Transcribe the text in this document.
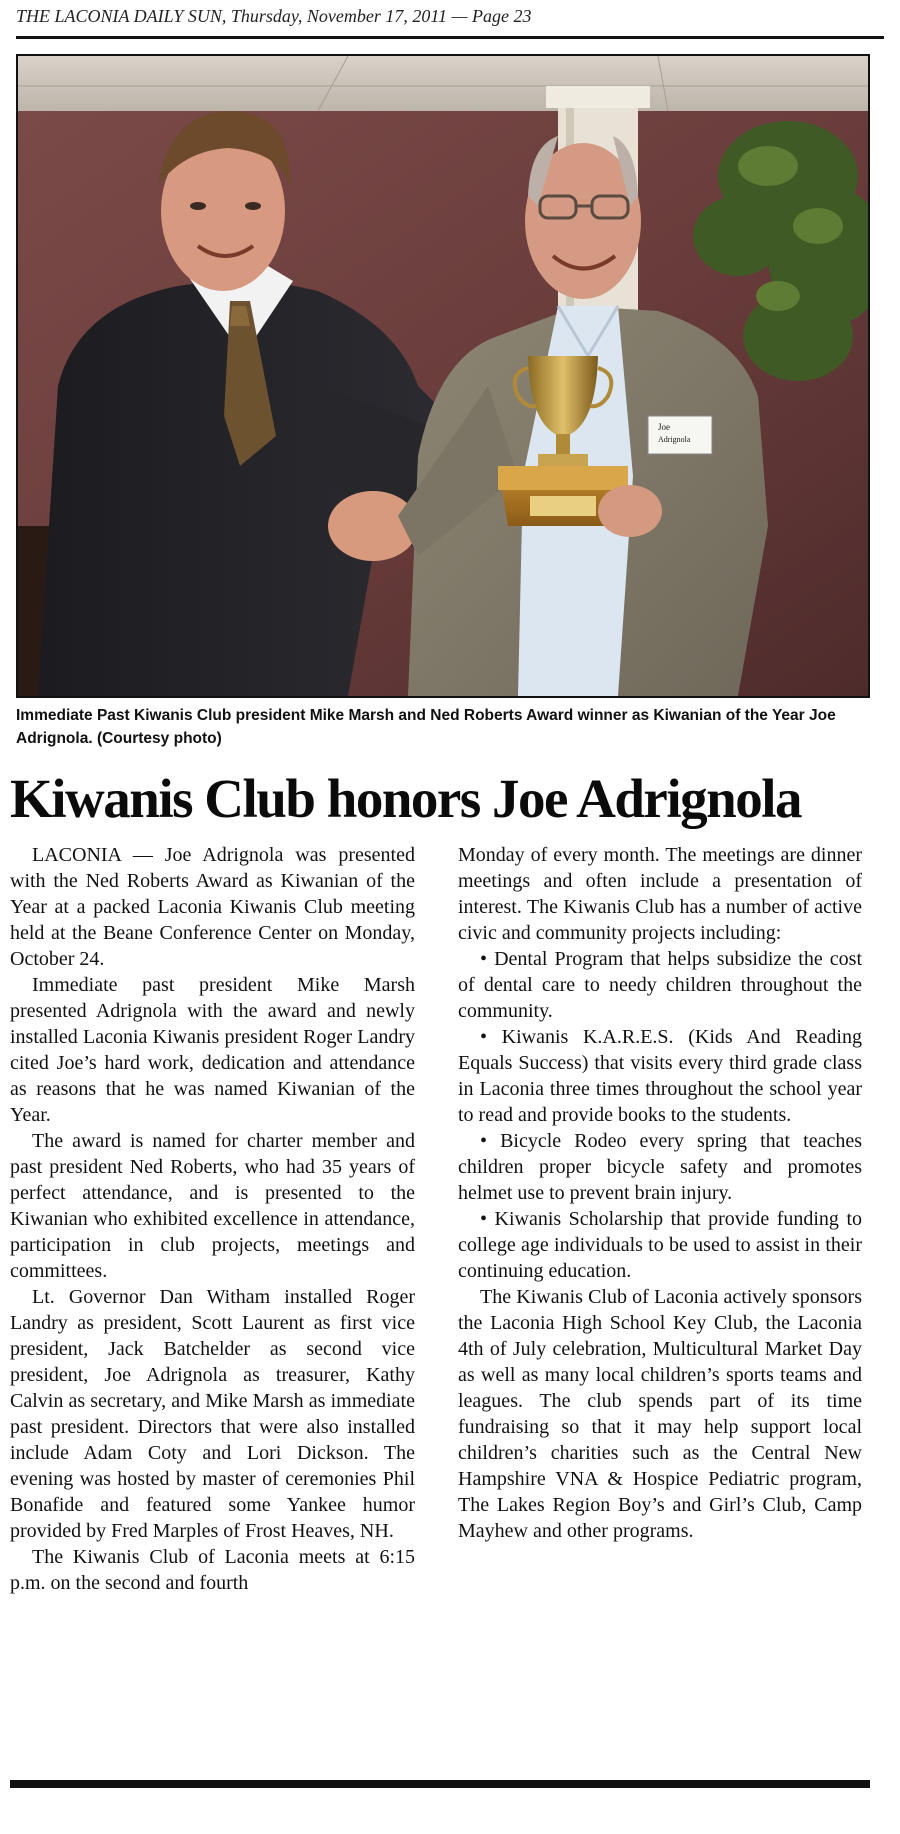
THE LACONIA DAILY SUN, Thursday, November 17, 2011 — Page 23
Joe
Adrignola
Immediate Past Kiwanis Club president Mike Marsh and Ned Roberts Award winner as Kiwanian of the Year Joe Adrignola. (Courtesy photo)
Kiwanis Club honors Joe Adrignola

LACONIA — Joe Adrignola was presented with the Ned Roberts Award as Kiwanian of the Year at a packed Laconia Kiwanis Club meeting held at the Beane Conference Center on Monday, October 24.

Immediate past president Mike Marsh presented Adrignola with the award and newly installed Laconia Kiwanis president Roger Landry cited Joe’s hard work, dedication and attendance as reasons that he was named Kiwanian of the Year.

The award is named for charter member and past president Ned Roberts, who had 35 years of perfect attendance, and is presented to the Kiwanian who exhibited excellence in attendance, participation in club projects, meetings and committees.

Lt. Governor Dan Witham installed Roger Landry as president, Scott Laurent as first vice president, Jack Batchelder as second vice president, Joe Adrignola as treasurer, Kathy Calvin as secretary, and Mike Marsh as immediate past president. Directors that were also installed include Adam Coty and Lori Dickson. The evening was hosted by master of ceremonies Phil Bonafide and featured some Yankee humor provided by Fred Marples of Frost Heaves, NH.

The Kiwanis Club of Laconia meets at 6:15 p.m. on the second and fourth

Monday of every month. The meetings are dinner meetings and often include a presentation of interest. The Kiwanis Club has a number of active civic and community projects including:

• Dental Program that helps subsidize the cost of dental care to needy children throughout the community.

• Kiwanis K.A.R.E.S. (Kids And Reading Equals Success) that visits every third grade class in Laconia three times throughout the school year to read and provide books to the students.

• Bicycle Rodeo every spring that teaches children proper bicycle safety and promotes helmet use to prevent brain injury.

• Kiwanis Scholarship that provide funding to college age individuals to be used to assist in their continuing education.

The Kiwanis Club of Laconia actively sponsors the Laconia High School Key Club, the Laconia 4th of July celebration, Multicultural Market Day as well as many local children’s sports teams and leagues. The club spends part of its time fundraising so that it may help support local children’s charities such as the Central New Hampshire VNA & Hospice Pediatric program, The Lakes Region Boy’s and Girl’s Club, Camp Mayhew and other programs.
